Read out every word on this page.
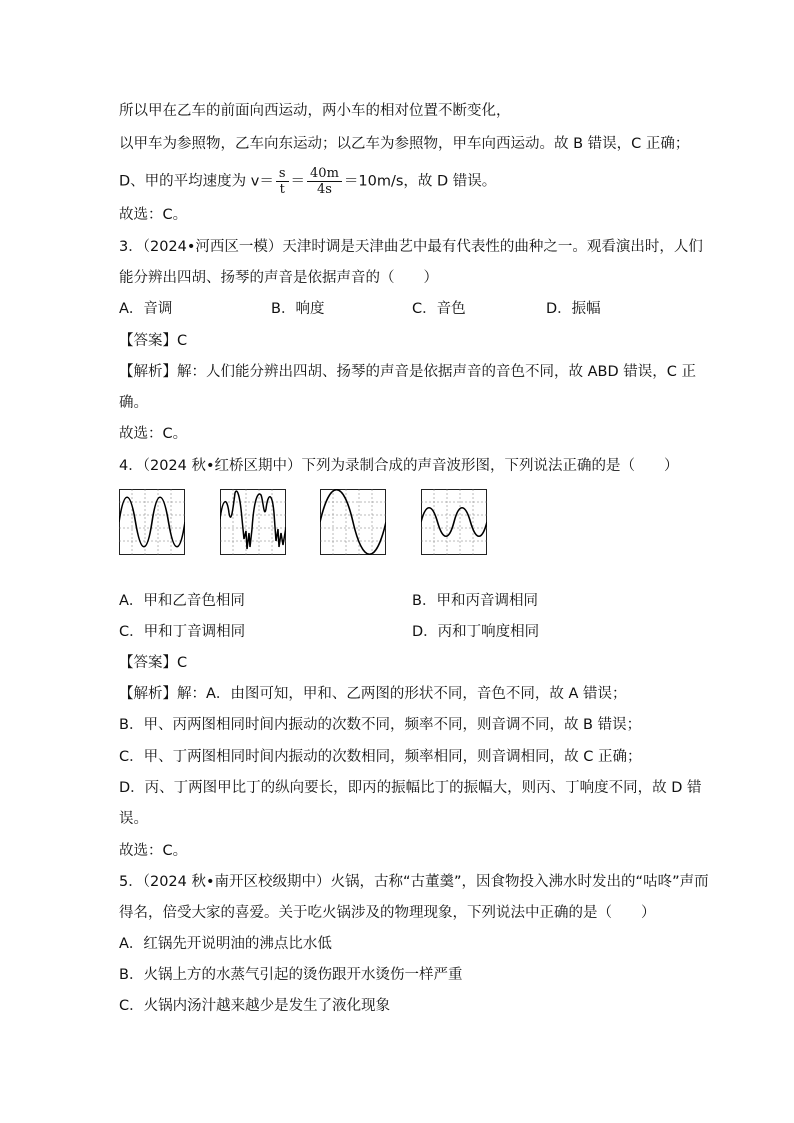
所以甲在乙车的前面向西运动，两小车的相对位置不断变化，
以甲车为参照物，乙车向东运动；以乙车为参照物，甲车向西运动。故 B 错误，C 正确；
D、甲的平均速度为 $v= \frac{s}{t} = \frac{40m}{4s} =10m/s$，故 D 错误。
故选：C。
3．（2024•河西区一模）天津时调是天津曲艺中最有代表性的曲种之一。观看演出时，人们
能分辨出四胡、扬琴的声音是依据声音的（　　）
A．音调	B．响度	C．音色	D．振幅
【答案】C
【解析】解：人们能分辨出四胡、扬琴的声音是依据声音的音色不同，故 ABD 错误，C 正
确。
故选：C。
4．（2024 秋•红桥区期中）下列为录制合成的声音波形图，下列说法正确的是（　　）
A．甲和乙音色相同	B．甲和丙音调相同
C．甲和丁音调相同	D．丙和丁响度相同
【答案】C
【解析】解：A．由图可知，甲和、乙两图的形状不同，音色不同，故 A 错误；
B．甲、丙两图相同时间内振动的次数不同，频率不同，则音调不同，故 B 错误；
C．甲、丁两图相同时间内振动的次数相同，频率相同，则音调相同，故 C 正确；
D．丙、丁两图甲比丁的纵向要长，即丙的振幅比丁的振幅大，则丙、丁响度不同，故 D 错
误。
故选：C。
5．（2024 秋•南开区校级期中）火锅，古称“古董羹”，因食物投入沸水时发出的“咕咚”声而
得名，倍受大家的喜爱。关于吃火锅涉及的物理现象，下列说法中正确的是（　　）
A．红锅先开说明油的沸点比水低
B．火锅上方的水蒸气引起的烫伤跟开水烫伤一样严重
C．火锅内汤汁越来越少是发生了液化现象
